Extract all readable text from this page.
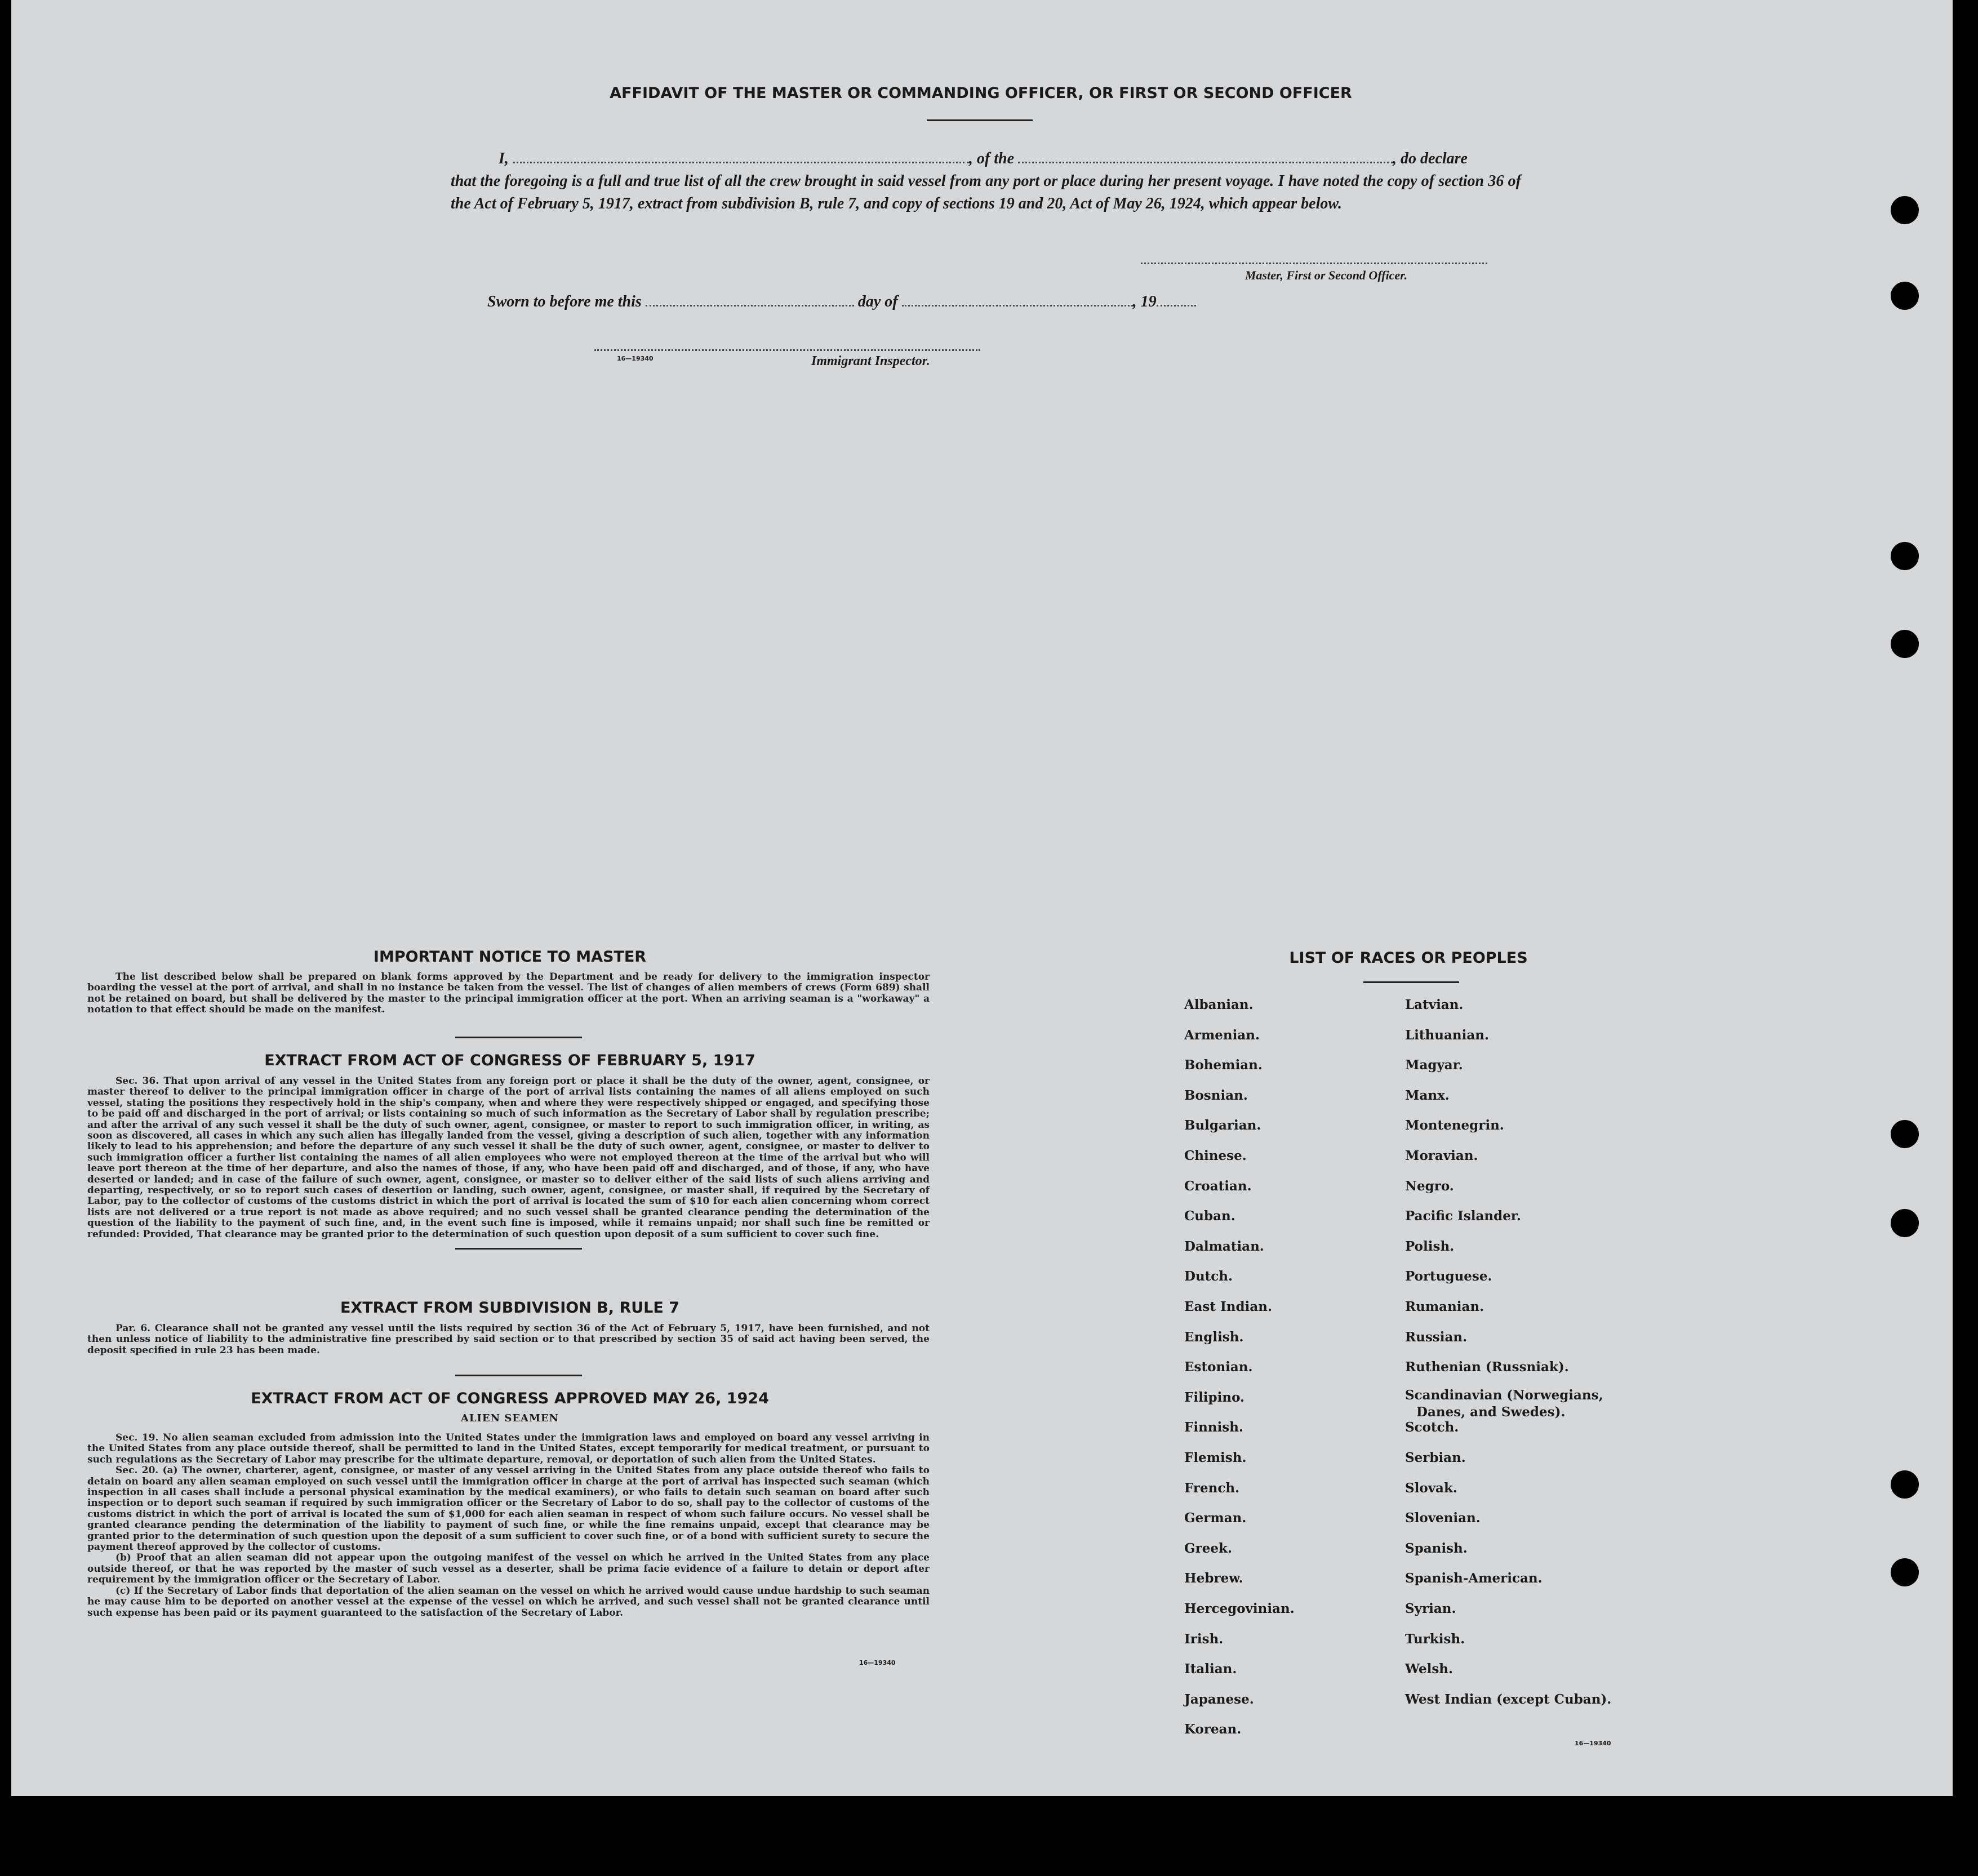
AFFIDAVIT OF THE MASTER OR COMMANDING OFFICER, OR FIRST OR SECOND OFFICER
I,	, of the	, do declare
that the foregoing is a full and true list of all the crew brought in said vessel from any port or place during her present voyage. I have noted the copy of section 36 of the Act of February 5, 1917, extract from subdivision B, rule 7, and copy of sections 19 and 20, Act of May 26, 1924, which appear below.
Master, First or Second Officer.
Sworn to before me this	day of	, 19
16—19340	Immigrant Inspector.
IMPORTANT NOTICE TO MASTER
The list described below shall be prepared on blank forms approved by the Department and be ready for delivery to the immigration inspector boarding the vessel at the port of arrival, and shall in no instance be taken from the vessel. The list of changes of alien members of crews (Form 689) shall not be retained on board, but shall be delivered by the master to the principal immigration officer at the port. When an arriving seaman is a "workaway" a notation to that effect should be made on the manifest.
EXTRACT FROM ACT OF CONGRESS OF FEBRUARY 5, 1917
Sec. 36. That upon arrival of any vessel in the United States from any foreign port or place it shall be the duty of the owner, agent, consignee, or master thereof to deliver to the principal immigration officer in charge of the port of arrival lists containing the names of all aliens employed on such vessel, stating the positions they respectively hold in the ship's company, when and where they were respectively shipped or engaged, and specifying those to be paid off and discharged in the port of arrival; or lists containing so much of such information as the Secretary of Labor shall by regulation prescribe; and after the arrival of any such vessel it shall be the duty of such owner, agent, consignee, or master to report to such immigration officer, in writing, as soon as discovered, all cases in which any such alien has illegally landed from the vessel, giving a description of such alien, together with any information likely to lead to his apprehension; and before the departure of any such vessel it shall be the duty of such owner, agent, consignee, or master to deliver to such immigration officer a further list containing the names of all alien employees who were not employed thereon at the time of the arrival but who will leave port thereon at the time of her departure, and also the names of those, if any, who have been paid off and discharged, and of those, if any, who have deserted or landed; and in case of the failure of such owner, agent, consignee, or master so to deliver either of the said lists of such aliens arriving and departing, respectively, or so to report such cases of desertion or landing, such owner, agent, consignee, or master shall, if required by the Secretary of Labor, pay to the collector of customs of the customs district in which the port of arrival is located the sum of $10 for each alien concerning whom correct lists are not delivered or a true report is not made as above required; and no such vessel shall be granted clearance pending the determination of the question of the liability to the payment of such fine, and, in the event such fine is imposed, while it remains unpaid; nor shall such fine be remitted or refunded: Provided, That clearance may be granted prior to the determination of such question upon deposit of a sum sufficient to cover such fine.
EXTRACT FROM SUBDIVISION B, RULE 7
Par. 6. Clearance shall not be granted any vessel until the lists required by section 36 of the Act of February 5, 1917, have been furnished, and not then unless notice of liability to the administrative fine prescribed by said section or to that prescribed by section 35 of said act having been served, the deposit specified in rule 23 has been made.
EXTRACT FROM ACT OF CONGRESS APPROVED MAY 26, 1924
ALIEN SEAMEN
Sec. 19. No alien seaman excluded from admission into the United States under the immigration laws and employed on board any vessel arriving in the United States from any place outside thereof, shall be permitted to land in the United States, except temporarily for medical treatment, or pursuant to such regulations as the Secretary of Labor may prescribe for the ultimate departure, removal, or deportation of such alien from the United States.
Sec. 20. (a) The owner, charterer, agent, consignee, or master of any vessel arriving in the United States from any place outside thereof who fails to detain on board any alien seaman employed on such vessel until the immigration officer in charge at the port of arrival has inspected such seaman (which inspection in all cases shall include a personal physical examination by the medical examiners), or who fails to detain such seaman on board after such inspection or to deport such seaman if required by such immigration officer or the Secretary of Labor to do so, shall pay to the collector of customs of the customs district in which the port of arrival is located the sum of $1,000 for each alien seaman in respect of whom such failure occurs. No vessel shall be granted clearance pending the determination of the liability to payment of such fine, or while the fine remains unpaid, except that clearance may be granted prior to the determination of such question upon the deposit of a sum sufficient to cover such fine, or of a bond with sufficient surety to secure the payment thereof approved by the collector of customs.
(b) Proof that an alien seaman did not appear upon the outgoing manifest of the vessel on which he arrived in the United States from any place outside thereof, or that he was reported by the master of such vessel as a deserter, shall be prima facie evidence of a failure to detain or deport after requirement by the immigration officer or the Secretary of Labor.
(c) If the Secretary of Labor finds that deportation of the alien seaman on the vessel on which he arrived would cause undue hardship to such seaman he may cause him to be deported on another vessel at the expense of the vessel on which he arrived, and such vessel shall not be granted clearance until such expense has been paid or its payment guaranteed to the satisfaction of the Secretary of Labor.
16—19340
LIST OF RACES OR PEOPLES
16—19340
Albanian.
Armenian.
Bohemian.
Bosnian.
Bulgarian.
Chinese.
Croatian.
Cuban.
Dalmatian.
Dutch.
East Indian.
English.
Estonian.
Filipino.
Finnish.
Flemish.
French.
German.
Greek.
Hebrew.
Hercegovinian.
Irish.
Italian.
Japanese.
Korean.
Latvian.
Lithuanian.
Magyar.
Manx.
Montenegrin.
Moravian.
Negro.
Pacific Islander.
Polish.
Portuguese.
Rumanian.
Russian.
Ruthenian (Russniak).
Scandinavian (Norwegians,
Danes, and Swedes).
Scotch.
Serbian.
Slovak.
Slovenian.
Spanish.
Spanish-American.
Syrian.
Turkish.
Welsh.
West Indian (except Cuban).
